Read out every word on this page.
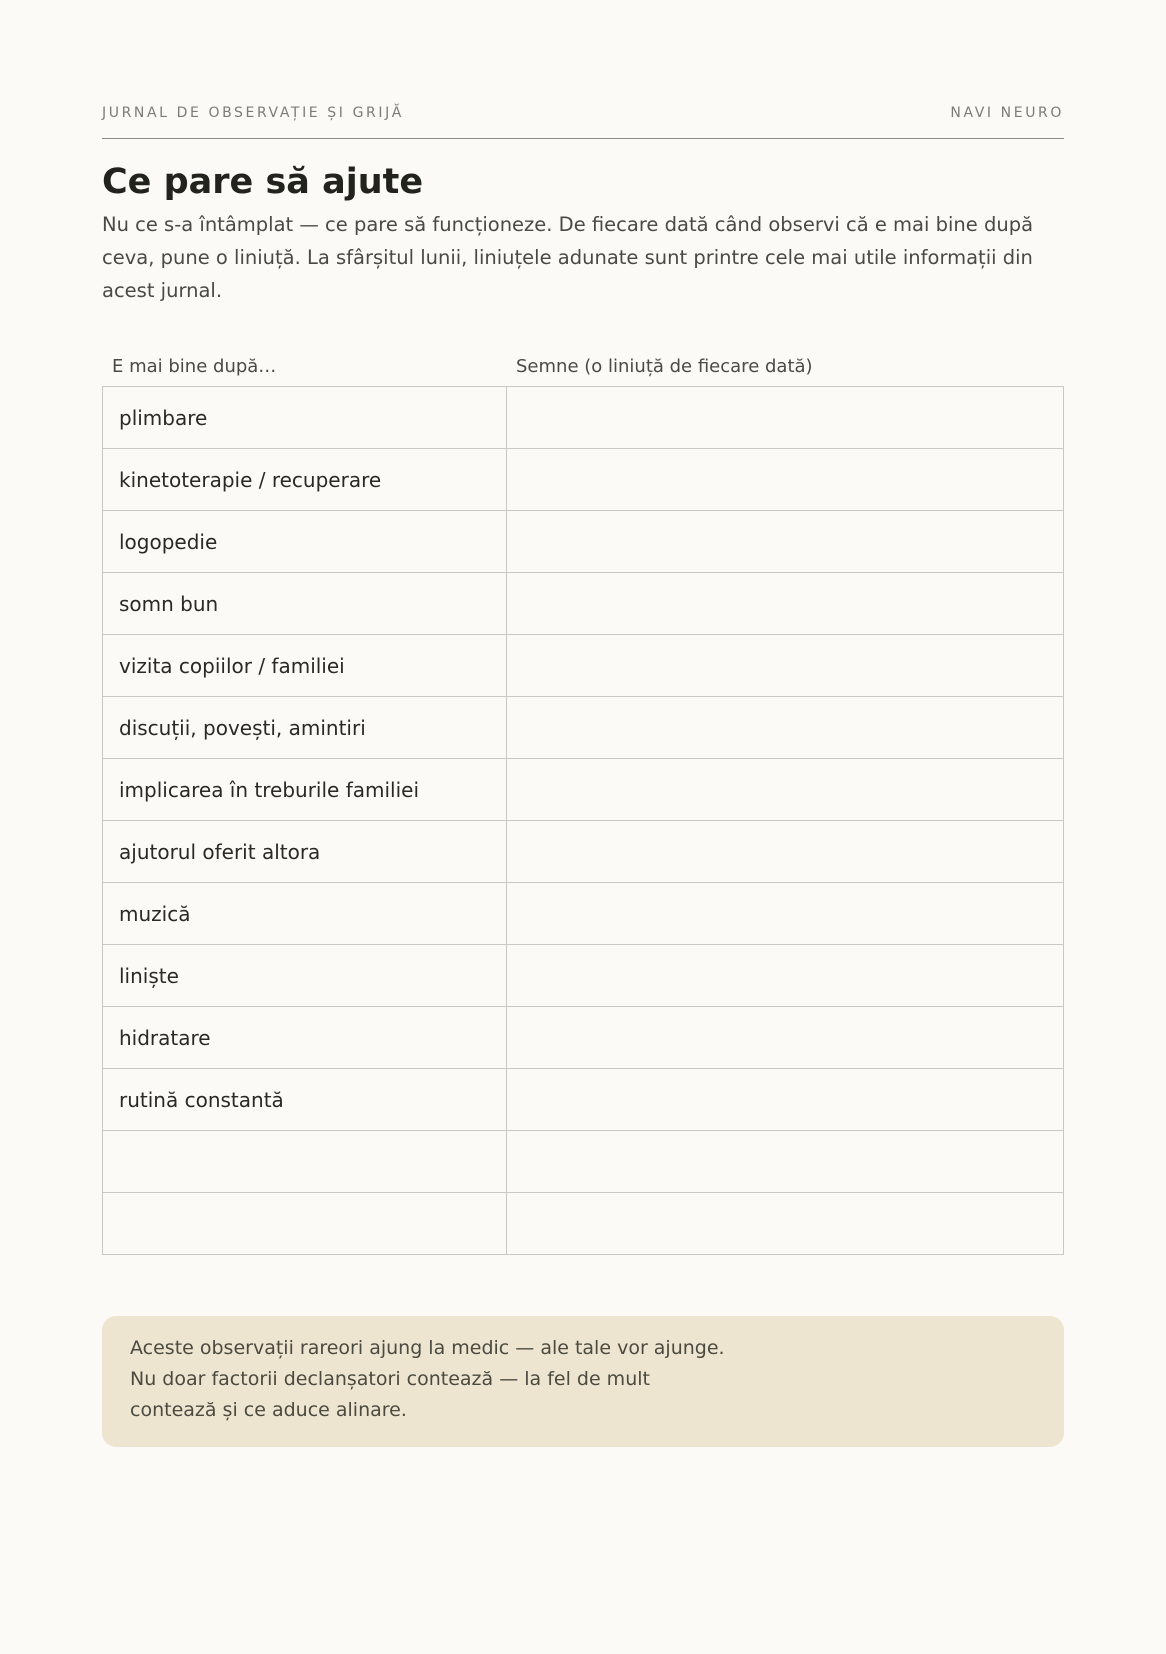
JURNAL DE OBSERVAȚIE ȘI GRIJĂ	NAVI NEURO
Ce pare să ajute

Nu ce s-a întâmplat — ce pare să funcționeze. De fiecare dată când observi că e mai bine după ceva, pune o liniuță. La sfârșitul lunii, liniuțele adunate sunt printre cele mai utile informații din acest jurnal.

E mai bine după…	Semne (o liniuță de fiecare dată)
plimbare	
kinetoterapie / recuperare	
logopedie	
somn bun	
vizita copiilor / familiei	
discuții, povești, amintiri	
implicarea în treburile familiei	
ajutorul oferit altora	
muzică	
liniște	
hidratare	
rutină constantă	

Aceste observații rareori ajung la medic — ale tale vor ajunge.

Nu doar factorii declanșatori contează — la fel de mult

contează și ce aduce alinare.
